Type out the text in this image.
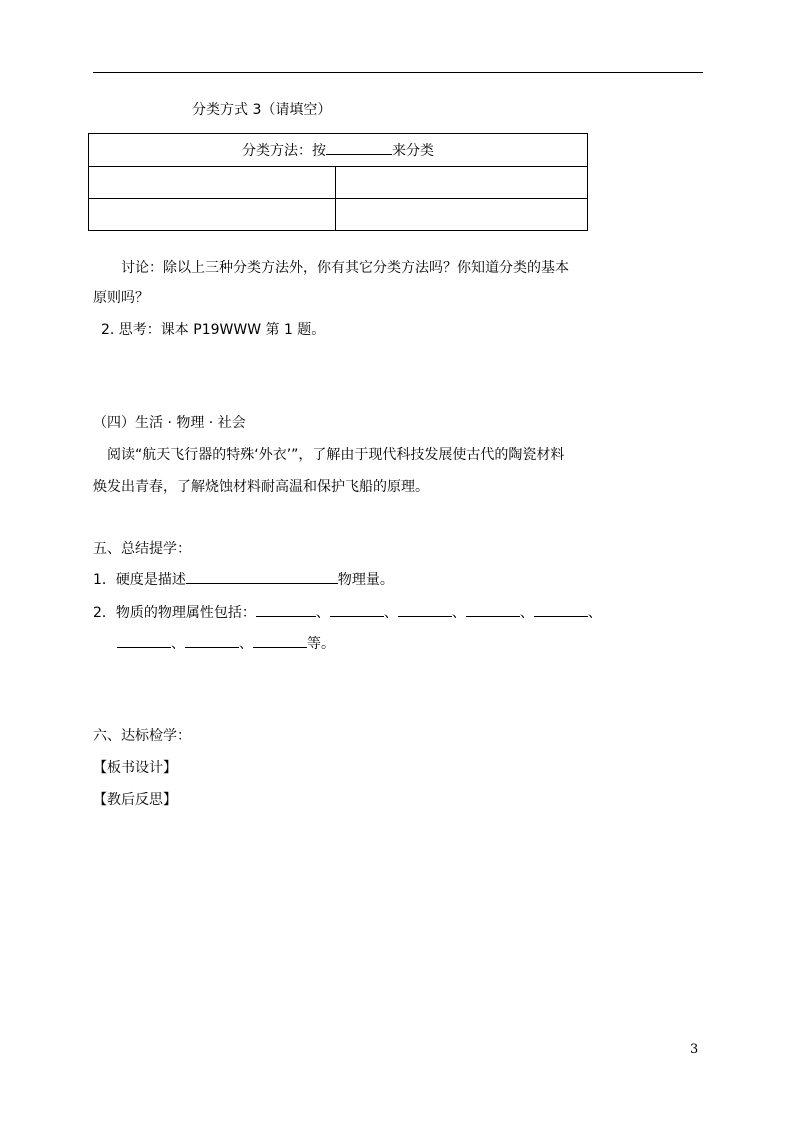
分类方式 3（请填空）
分类方法：按 来分类	

讨论：除以上三种分类方法外，你有其它分类方法吗？你知道分类的基本
原则吗？
2. 思考：课本 P19WWW 第 1 题。
（四）生活 · 物理 · 社会
阅读“航天飞行器的特殊‘外衣’”，了解由于现代科技发展使古代的陶瓷材料
焕发出青春，了解烧蚀材料耐高温和保护飞船的原理。
五、总结提学：
1．硬度是描述	物理量。
2．物质的物理属性包括：	、	、	、	、	、
、	、	等。
六、达标检学：
【板书设计】
【教后反思】
3
